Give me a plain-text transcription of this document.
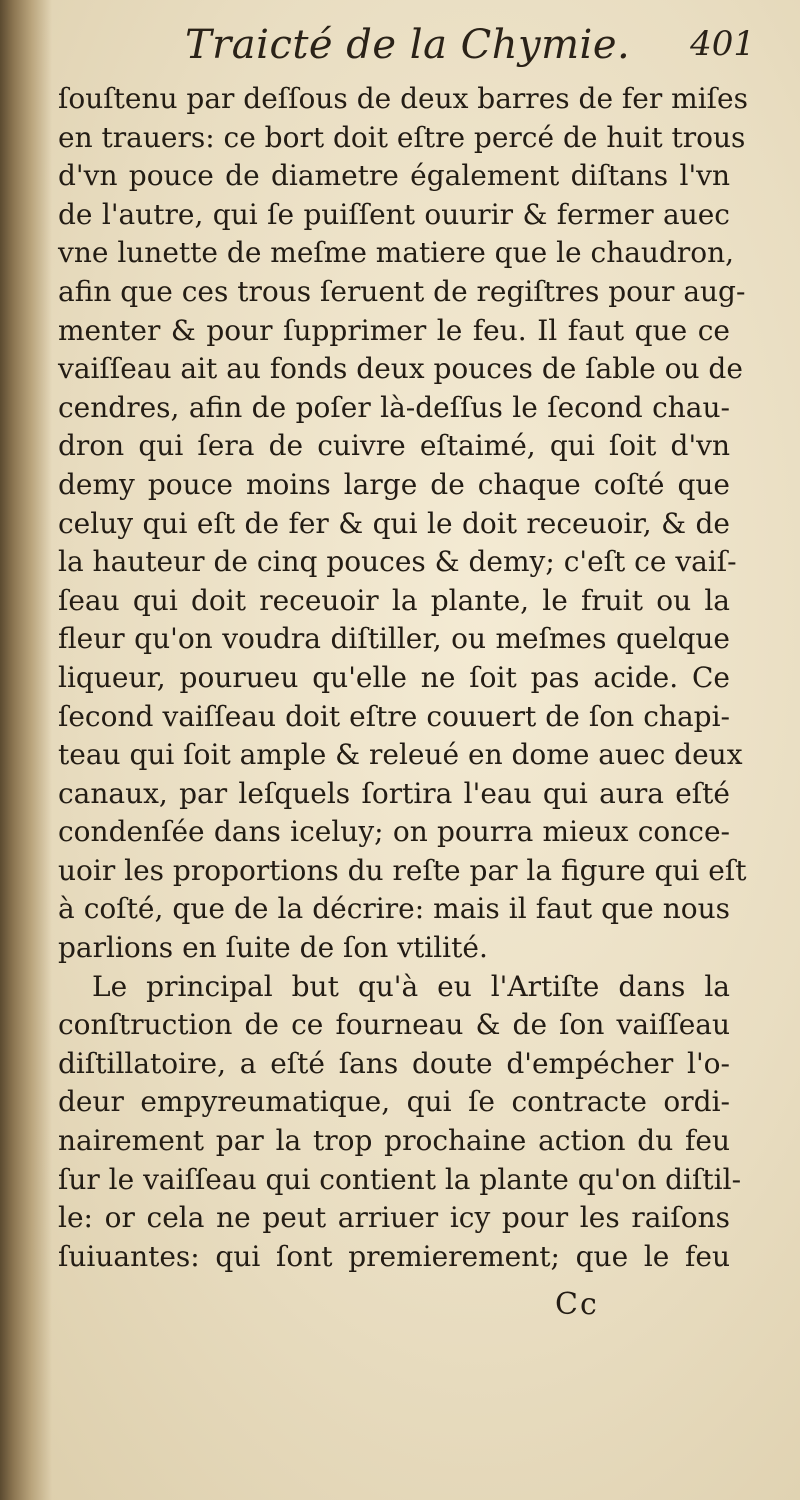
Traicté de la Chymie. 401
ſouſtenu par deſſous de deux barres de fer miſes
en trauers: ce bort doit eſtre percé de huit trous
d'vn pouce de diametre également diſtans l'vn
de l'autre, qui ſe puiſſent ouurir & fermer auec
vne lunette de meſme matiere que le chaudron,
afin que ces trous ſeruent de regiſtres pour aug-
menter & pour ſupprimer le feu. Il faut que ce
vaiſſeau ait au fonds deux pouces de ſable ou de
cendres, afin de poſer là-deſſus le ſecond chau-
dron qui ſera de cuivre eſtaimé, qui ſoit d'vn
demy pouce moins large de chaque coſté que
celuy qui eſt de fer & qui le doit receuoir, & de
la hauteur de cinq pouces & demy; c'eſt ce vaiſ-
ſeau qui doit receuoir la plante, le fruit ou la
fleur qu'on voudra diſtiller, ou meſmes quelque
liqueur, pourueu qu'elle ne ſoit pas acide. Ce
ſecond vaiſſeau doit eſtre couuert de ſon chapi-
teau qui ſoit ample & releué en dome auec deux
canaux, par leſquels ſortira l'eau qui aura eſté
condenſée dans iceluy; on pourra mieux conce-
uoir les proportions du reſte par la figure qui eſt
à coſté, que de la décrire: mais il faut que nous
parlions en ſuite de ſon vtilité.
Le principal but qu'à eu l'Artiſte dans la
conſtruction de ce fourneau & de ſon vaiſſeau
diſtillatoire, a eſté ſans doute d'empécher l'o-
deur empyreumatique, qui ſe contracte ordi-
nairement par la trop prochaine action du feu
ſur le vaiſſeau qui contient la plante qu'on diſtil-
le: or cela ne peut arriuer icy pour les raiſons
ſuiuantes: qui ſont premierement; que le feu
Cc
